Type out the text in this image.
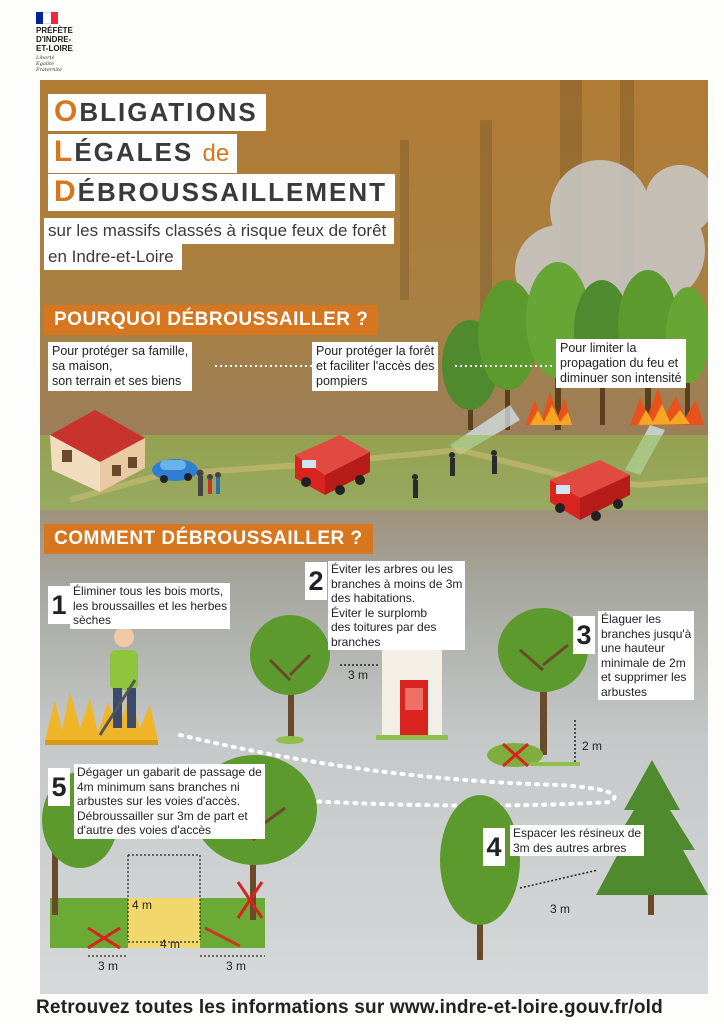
PRÉFÈTE
D'INDRE-
ET-LOIRE
Liberté
Égalité
Fraternité
OBLIGATIONS
LÉGALES de
DÉBROUSSAILLEMENT
sur les massifs classés à risque feux de forêt
en Indre-et-Loire
POURQUOI DÉBROUSSAILLER ?
Pour protéger sa famille,
sa maison,
son terrain et ses biens
Pour protéger la forêt
et faciliter l'accès des
pompiers
Pour limiter la
propagation du feu et
diminuer son intensité
COMMENT DÉBROUSSAILLER ?
1 Éliminer tous les bois morts,
les broussailles et les herbes
sèches
2 Éviter les arbres ou les
branches à moins de 3m
des habitations.
Éviter le surplomb
des toitures par des
branches	3
Élaguer les
branches jusqu'à
une hauteur
minimale de 2m
et supprimer les
arbustes
4 Espacer les résineux de
3m des autres arbres
5 Dégager un gabarit de passage de
4m minimum sans branches ni
arbustes sur les voies d'accès.
Débroussailler sur 3m de part et
d'autre des voies d'accès
3 m
2 m
3 m
4 m
4 m
3 m	3 m
Retrouvez toutes les informations sur www.indre-et-loire.gouv.fr/old
